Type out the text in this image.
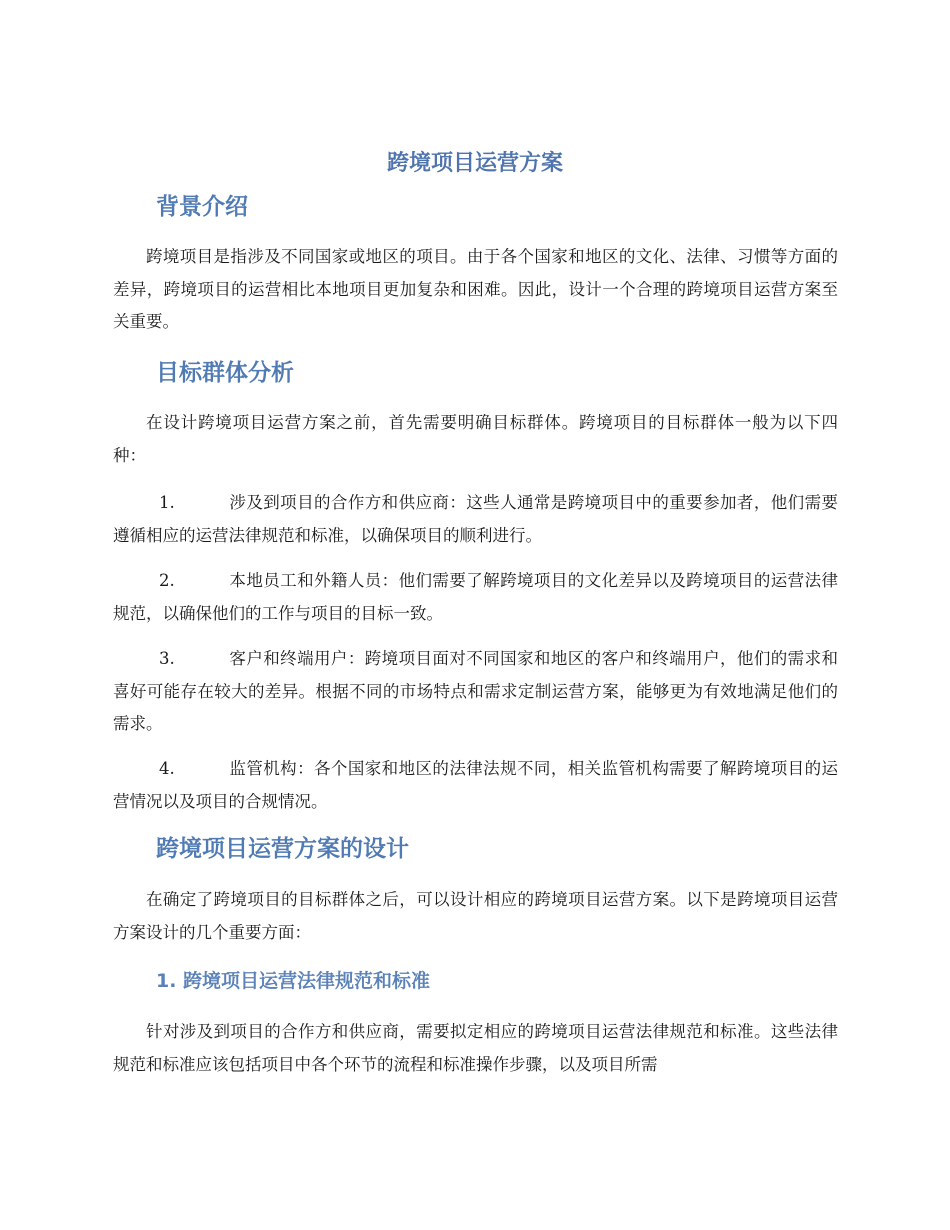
跨境项目运营方案
背景介绍

跨境项目是指涉及不同国家或地区的项目。由于各个国家和地区的文化、法律、习惯等方面的差异，跨境项目的运营相比本地项目更加复杂和困难。因此，设计一个合理的跨境项目运营方案至关重要。

目标群体分析

在设计跨境项目运营方案之前，首先需要明确目标群体。跨境项目的目标群体一般为以下四种：

1.	涉及到项目的合作方和供应商：这些人通常是跨境项目中的重要参加者，他们需要遵循相应的运营法律规范和标准，以确保项目的顺利进行。

2.	本地员工和外籍人员：他们需要了解跨境项目的文化差异以及跨境项目的运营法律规范，以确保他们的工作与项目的目标一致。

3.	客户和终端用户：跨境项目面对不同国家和地区的客户和终端用户，他们的需求和喜好可能存在较大的差异。根据不同的市场特点和需求定制运营方案，能够更为有效地满足他们的需求。

4.	监管机构：各个国家和地区的法律法规不同，相关监管机构需要了解跨境项目的运营情况以及项目的合规情况。

跨境项目运营方案的设计

在确定了跨境项目的目标群体之后，可以设计相应的跨境项目运营方案。以下是跨境项目运营方案设计的几个重要方面：

1. 跨境项目运营法律规范和标准

针对涉及到项目的合作方和供应商，需要拟定相应的跨境项目运营法律规范和标准。这些法律规范和标准应该包括项目中各个环节的流程和标准操作步骤，以及项目所需
